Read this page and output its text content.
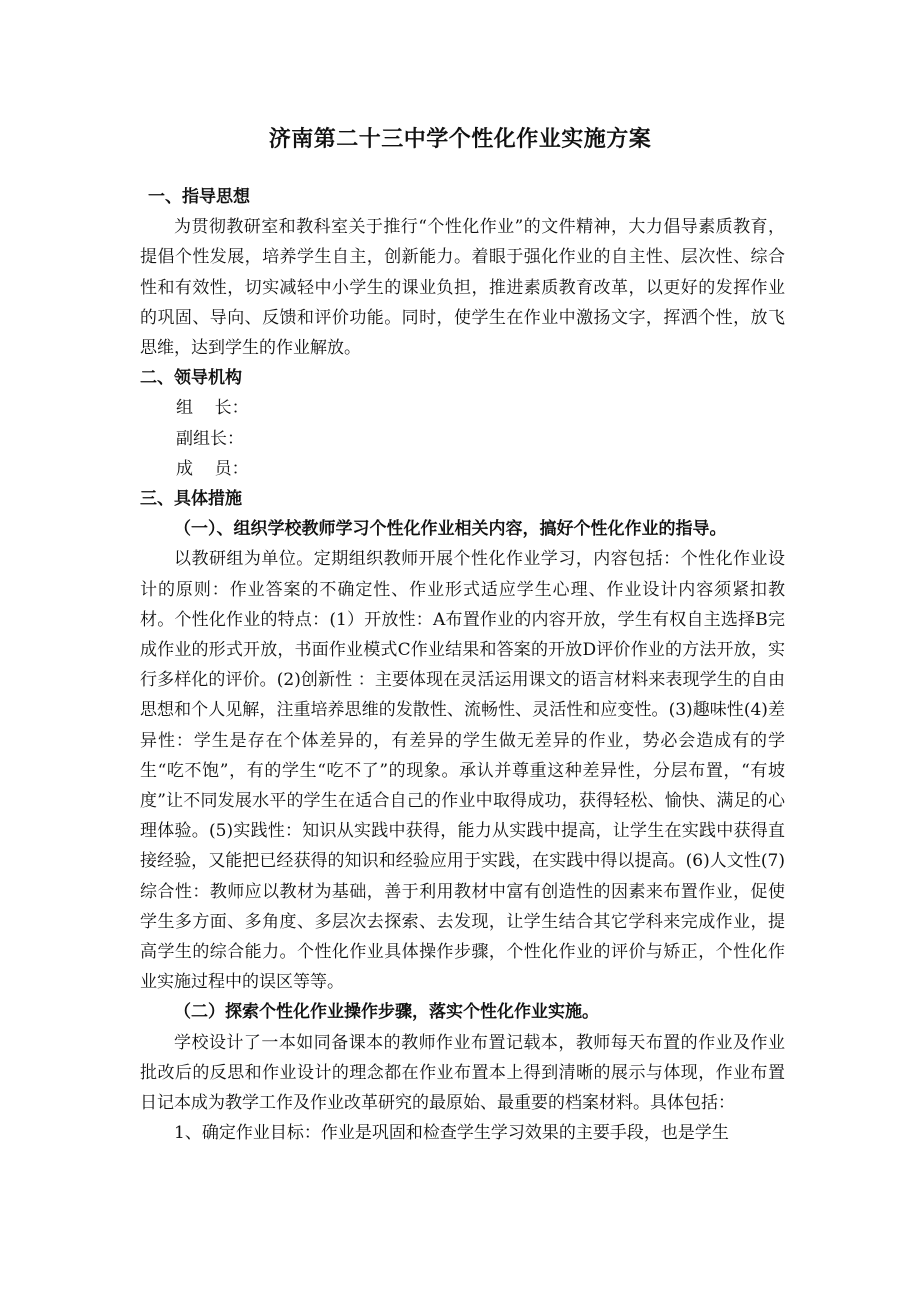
济南第二十三中学个性化作业实施方案

一、指导思想

为贯彻教研室和教科室关于推行“个性化作业”的文件精神，大力倡导素质教育，提倡个性发展，培养学生自主，创新能力。着眼于强化作业的自主性、层次性、综合性和有效性，切实减轻中小学生的课业负担，推进素质教育改革，以更好的发挥作业的巩固、导向、反馈和评价功能。同时，使学生在作业中激扬文字，挥洒个性，放飞思维，达到学生的作业解放。

二、领导机构

组    长：

副组长：

成    员：

三、具体措施

（一）、组织学校教师学习个性化作业相关内容，搞好个性化作业的指导。

以教研组为单位。定期组织教师开展个性化作业学习，内容包括：个性化作业设计的原则：作业答案的不确定性、作业形式适应学生心理、作业设计内容须紧扣教材。个性化作业的特点：(1）开放性：A布置作业的内容开放，学生有权自主选择B完成作业的形式开放，书面作业模式C作业结果和答案的开放D评价作业的方法开放，实行多样化的评价。(2)创新性 ：主要体现在灵活运用课文的语言材料来表现学生的自由思想和个人见解，注重培养思维的发散性、流畅性、灵活性和应变性。(3)趣味性(4)差异性：学生是存在个体差异的，有差异的学生做无差异的作业，势必会造成有的学生“吃不饱”，有的学生“吃不了”的现象。承认并尊重这种差异性，分层布置，“有坡度”让不同发展水平的学生在适合自己的作业中取得成功，获得轻松、愉快、满足的心理体验。(5)实践性：知识从实践中获得，能力从实践中提高，让学生在实践中获得直接经验，又能把已经获得的知识和经验应用于实践，在实践中得以提高。(6)人文性(7)综合性：教师应以教材为基础，善于利用教材中富有创造性的因素来布置作业，促使学生多方面、多角度、多层次去探索、去发现，让学生结合其它学科来完成作业，提高学生的综合能力。个性化作业具体操作步骤，个性化作业的评价与矫正，个性化作业实施过程中的误区等等。

（二）探索个性化作业操作步骤，落实个性化作业实施。

学校设计了一本如同备课本的教师作业布置记载本，教师每天布置的作业及作业批改后的反思和作业设计的理念都在作业布置本上得到清晰的展示与体现，作业布置日记本成为教学工作及作业改革研究的最原始、最重要的档案材料。具体包括：

1、确定作业目标：作业是巩固和检查学生学习效果的主要手段，也是学生
